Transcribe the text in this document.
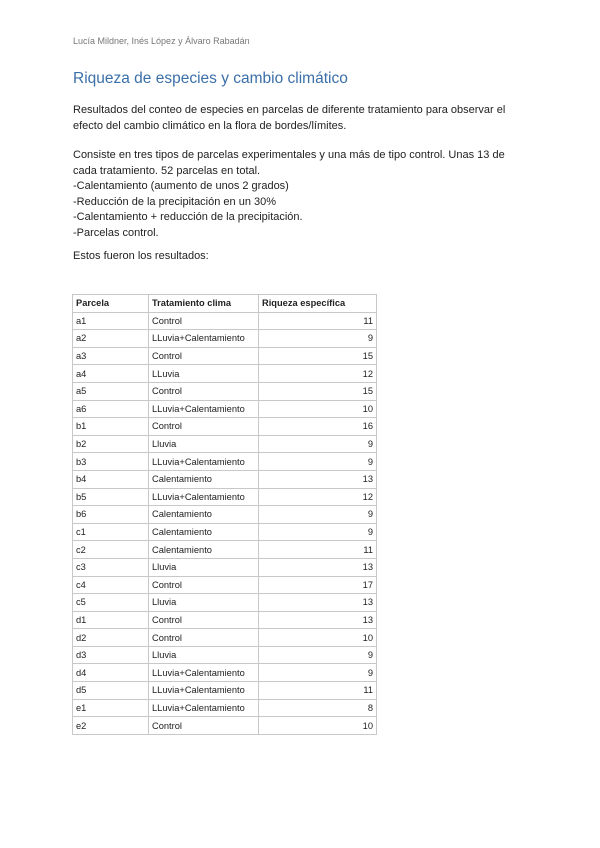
Lucía Mildner, Inés López y Álvaro Rabadán
Riqueza de especies y cambio climático

Resultados del conteo de especies en parcelas de diferente tratamiento para observar el
efecto del cambio climático en la flora de bordes/límites.

Consiste en tres tipos de parcelas experimentales y una más de tipo control. Unas 13 de
cada tratamiento. 52 parcelas en total.
-Calentamiento (aumento de unos 2 grados)
-Reducción de la precipitación en un 30%
-Calentamiento + reducción de la precipitación.
-Parcelas control.

Estos fueron los resultados:

Parcela	Tratamiento clima	Riqueza específica
a1	Control	11
a2	LLuvia+Calentamiento	9
a3	Control	15
a4	LLuvia	12
a5	Control	15
a6	LLuvia+Calentamiento	10
b1	Control	16
b2	Lluvia	9
b3	LLuvia+Calentamiento	9
b4	Calentamiento	13
b5	LLuvia+Calentamiento	12
b6	Calentamiento	9
c1	Calentamiento	9
c2	Calentamiento	11
c3	Lluvia	13
c4	Control	17
c5	Lluvia	13
d1	Control	13
d2	Control	10
d3	Lluvia	9
d4	LLuvia+Calentamiento	9
d5	LLuvia+Calentamiento	11
e1	LLuvia+Calentamiento	8
e2	Control	10
